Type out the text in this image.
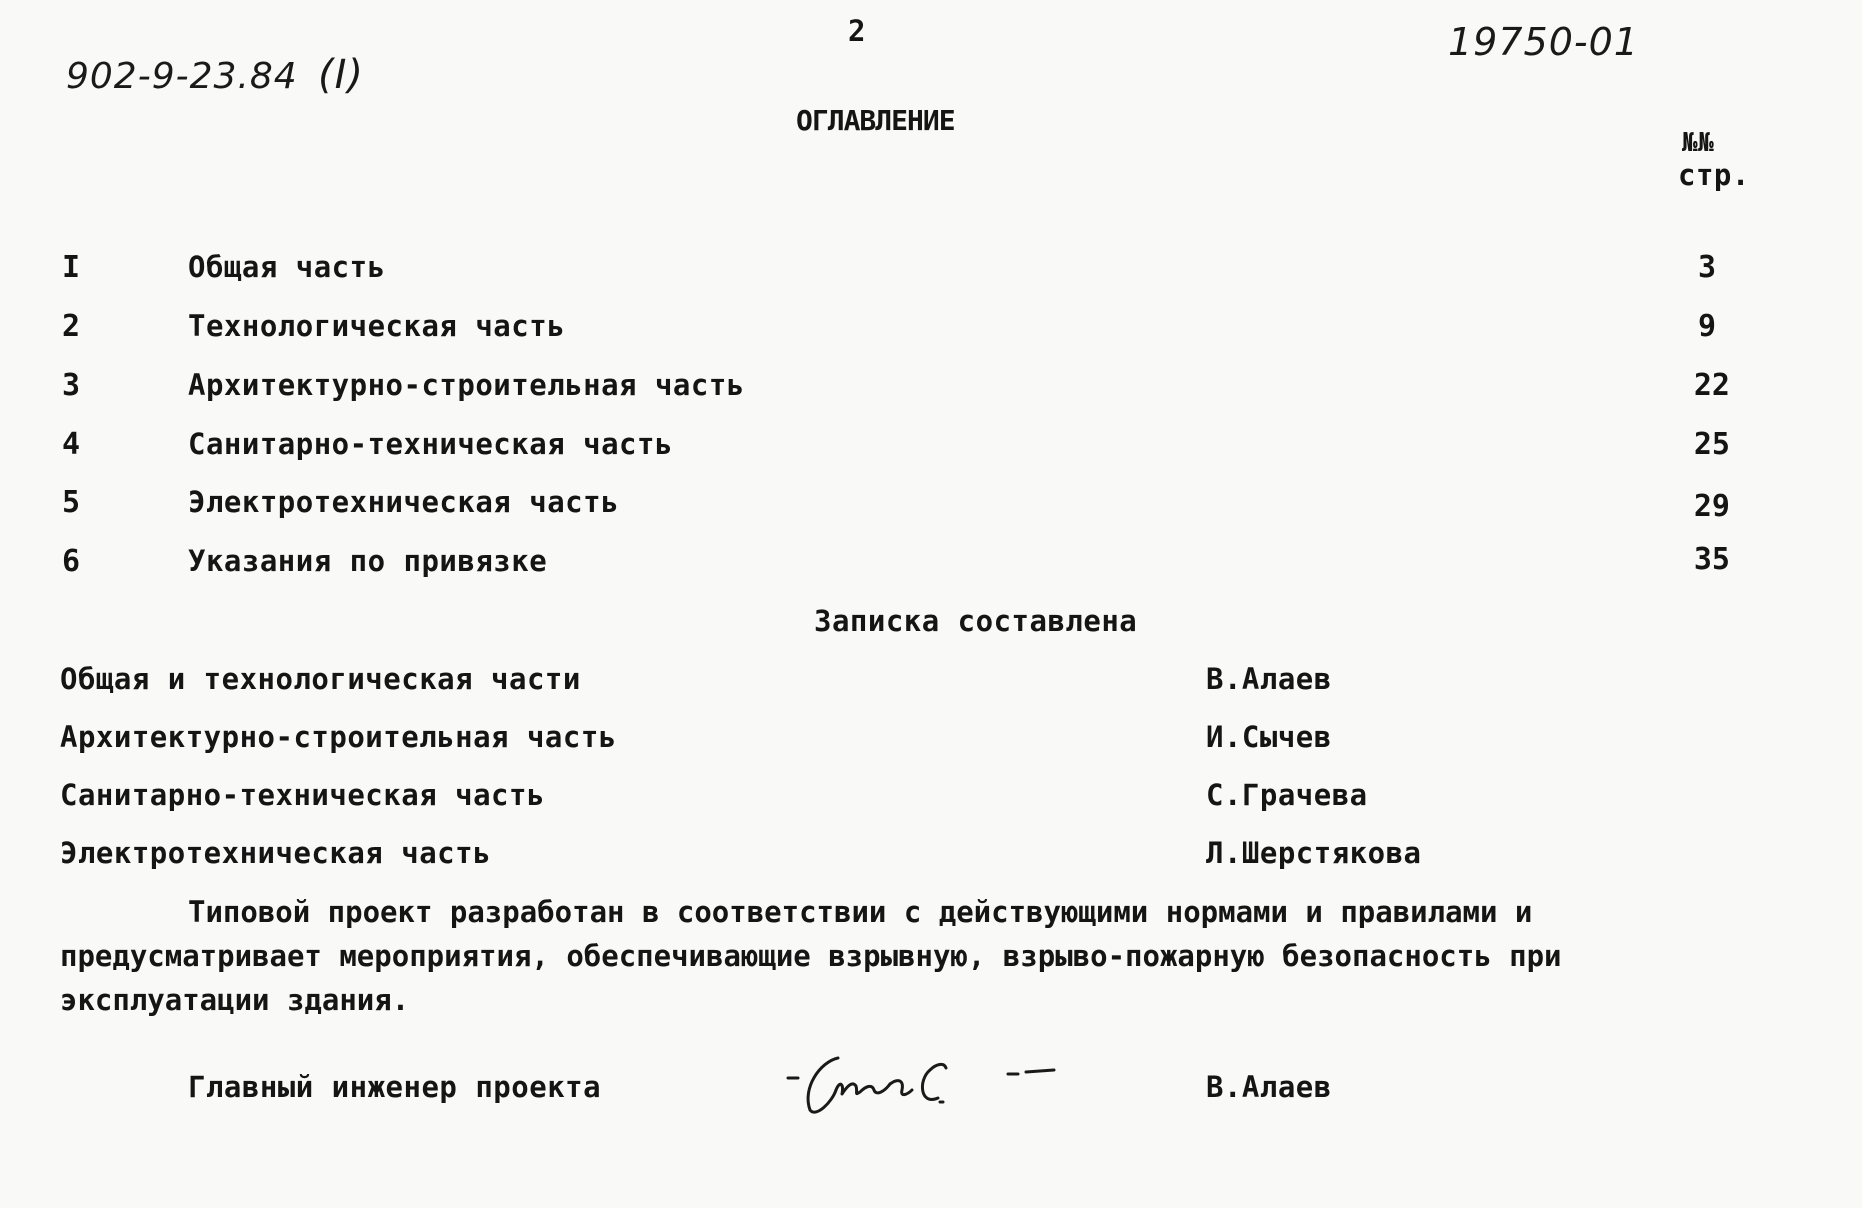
2
902-9-23.84 (I)
19750-01
ОГЛАВЛЕНИЕ
№№
стр.
I	Общая часть	3
2	Технологическая часть	9
3	Архитектурно-строительная часть	22
4	Санитарно-техническая часть	25
5	Электротехническая часть	29
6	Указания по привязке	35
Записка составлена
Общая и технологическая части	В.Алаев
Архитектурно-строительная часть	И.Сычев
Санитарно-техническая часть	С.Грачева
Электротехническая часть	Л.Шерстякова
Типовой проект разработан в соответствии с действующими нормами и правилами и предусматривает мероприятия, обеспечивающие взрывную, взрыво-пожарную безопасность при эксплуатации здания.
Главный инженер проекта	В.Алаев
